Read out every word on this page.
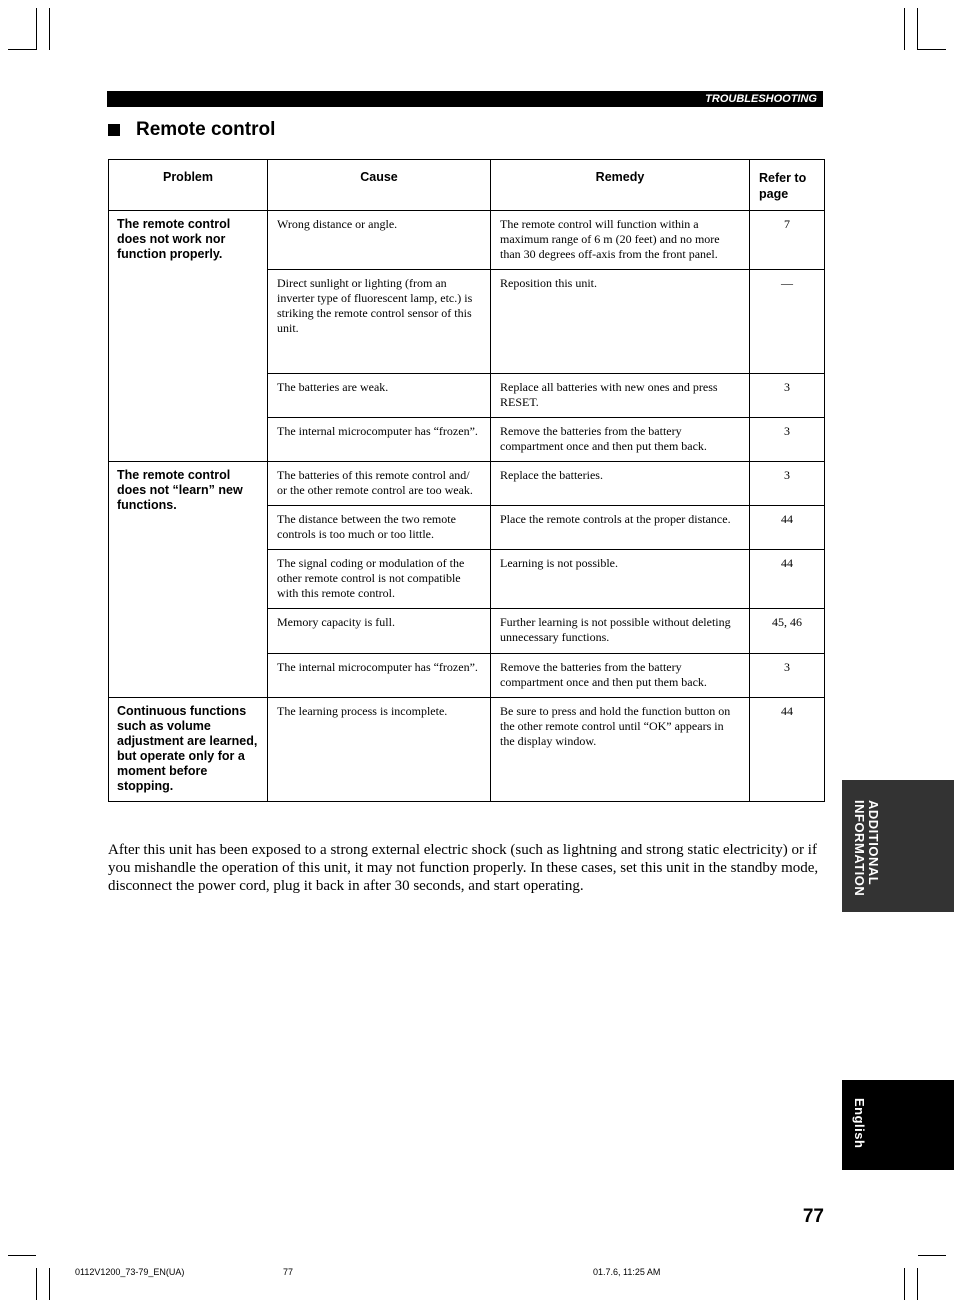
TROUBLESHOOTING
Remote control
Problem	Cause	Remedy	Refer to page

The remote control does not work nor function properly.	Wrong distance or angle.	The remote control will function within a maximum range of 6 m (20 feet) and no more than 30 degrees off-axis from the front panel.	7

	Direct sunlight or lighting (from an inverter type of fluorescent lamp, etc.) is striking the remote control sensor of this unit.	Reposition this unit.	—

	The batteries are weak.	Replace all batteries with new ones and press RESET.	3

	The internal microcomputer has “frozen”.	Remove the batteries from the battery compartment once and then put them back.	3

The remote control does not “learn” new functions.	The batteries of this remote control and/ or the other remote control are too weak.	Replace the batteries.	3

	The distance between the two remote controls is too much or too little.	Place the remote controls at the proper distance.	44

	The signal coding or modulation of the other remote control is not compatible with this remote control.	Learning is not possible.	44

	Memory capacity is full.	Further learning is not possible without deleting unnecessary functions.	45, 46

	The internal microcomputer has “frozen”.	Remove the batteries from the battery compartment once and then put them back.	3

Continuous functions such as volume adjustment are learned, but operate only for a moment before stopping.	The learning process is incomplete.	Be sure to press and hold the function button on the other remote control until “OK” appears in the display window.	44

After this unit has been exposed to a strong external electric shock (such as lightning and strong static electricity) or if you mishandle the operation of this unit, it may not function properly. In these cases, set this unit in the standby mode, disconnect the power cord, plug it back in after 30 seconds, and start operating.

ADDITIONAL
INFORMATION
English
77
0112V1200_73-79_EN(UA)	77	01.7.6, 11:25 AM
